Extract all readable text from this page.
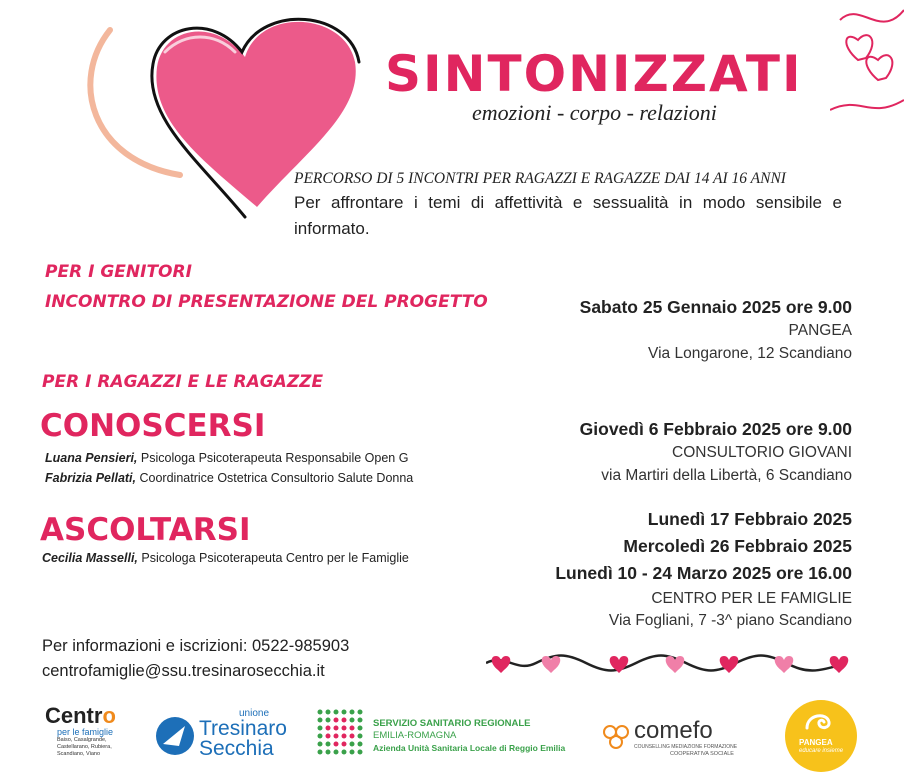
SINTONIZZATI
emozioni - corpo - relazioni
PERCORSO DI 5 INCONTRI PER RAGAZZI E RAGAZZE DAI 14 AI 16 ANNI
Per affrontare i temi di affettività e sessualità in modo sensibile e informato.
PER I GENITORI
INCONTRO DI PRESENTAZIONE DEL PROGETTO	Sabato 25 Gennaio 2025 ore 9.00
PANGEA
Via Longarone, 12 Scandiano
PER I RAGAZZI E LE RAGAZZE
CONOSCERSI
Luana Pensieri, Psicologa Psicoterapeuta Responsabile Open G
Fabrizia Pellati, Coordinatrice Ostetrica Consultorio Salute Donna
Giovedì 6 Febbraio 2025 ore 9.00
CONSULTORIO GIOVANI
via Martiri della Libertà, 6 Scandiano
ASCOLTARSI
Cecilia Masselli, Psicologa Psicoterapeuta Centro per le Famiglie
Lunedì 17 Febbraio 2025
Mercoledì 26 Febbraio 2025
Lunedì 10 - 24 Marzo 2025 ore 16.00
CENTRO PER LE FAMIGLIE
Via Fogliani, 7 -3^ piano Scandiano
Per informazioni e iscrizioni: 0522-985903
centrofamiglie@ssu.tresinarosecchia.it
Centro
per le famiglie
Baiso, Casalgrande,
Castellarano, Rubiera,
Scandiano, Viano
unione
Tresinaro
Secchia
SERVIZIO SANITARIO REGIONALE
EMILIA-ROMAGNA
Azienda Unità Sanitaria Locale di Reggio Emilia
comefo
COUNSELLING MEDIAZIONE FORMAZIONE
COOPERATIVA SOCIALE
PANGEA
educare insieme
